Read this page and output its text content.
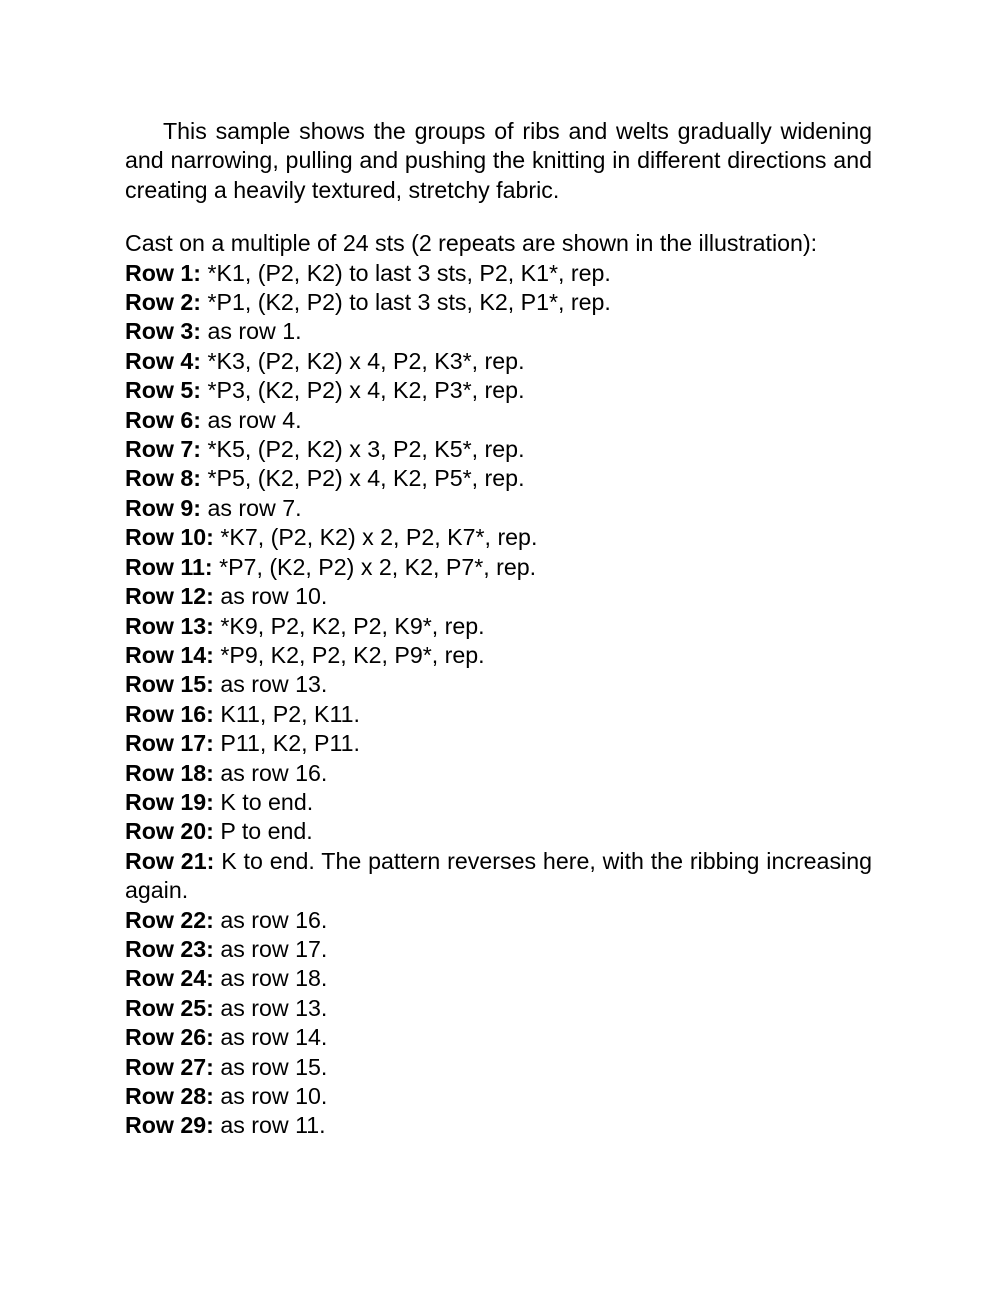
This sample shows the groups of ribs and welts gradually widening and narrowing, pulling and pushing the knitting in different directions and creating a heavily textured, stretchy fabric.

Cast on a multiple of 24 sts (2 repeats are shown in the illustration):

Row 1: *K1, (P2, K2) to last 3 sts, P2, K1*, rep.
Row 2: *P1, (K2, P2) to last 3 sts, K2, P1*, rep.
Row 3: as row 1.
Row 4: *K3, (P2, K2) x 4, P2, K3*, rep.
Row 5: *P3, (K2, P2) x 4, K2, P3*, rep.
Row 6: as row 4.
Row 7: *K5, (P2, K2) x 3, P2, K5*, rep.
Row 8: *P5, (K2, P2) x 4, K2, P5*, rep.
Row 9: as row 7.
Row 10: *K7, (P2, K2) x 2, P2, K7*, rep.
Row 11: *P7, (K2, P2) x 2, K2, P7*, rep.
Row 12: as row 10.
Row 13: *K9, P2, K2, P2, K9*, rep.
Row 14: *P9, K2, P2, K2, P9*, rep.
Row 15: as row 13.
Row 16: K11, P2, K11.
Row 17: P11, K2, P11.
Row 18: as row 16.
Row 19: K to end.
Row 20: P to end.
Row 21: K to end. The pattern reverses here, with the ribbing increasing again.
Row 22: as row 16.
Row 23: as row 17.
Row 24: as row 18.
Row 25: as row 13.
Row 26: as row 14.
Row 27: as row 15.
Row 28: as row 10.
Row 29: as row 11.
